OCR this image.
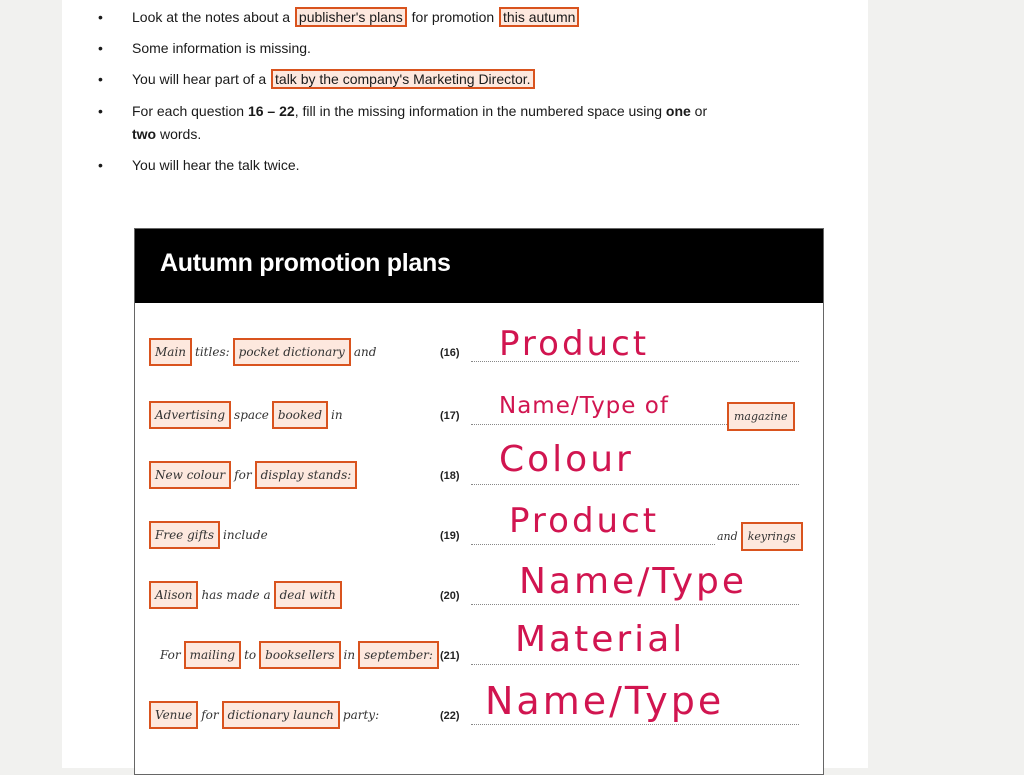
• Look at the notes about a publisher's plans for promotion this autumn
• Some information is missing.
• You will hear part of a talk by the company's Marketing Director.
• For each question 16 – 22, fill in the missing information in the numbered space using one or
two words.
• You will hear the talk twice.
Autumn promotion plans
Main titles: pocket dictionary and	(16) Product
Advertising space booked in	(17) Name/Type of	magazine
New colour for display stands:	(18) Colour
Free gifts include	(19) Product	and keyrings
Alison has made a deal with	(20) Name/Type
For mailing to booksellers in september: (21) Material
Venue for dictionary launch party:	(22) Name/Type
